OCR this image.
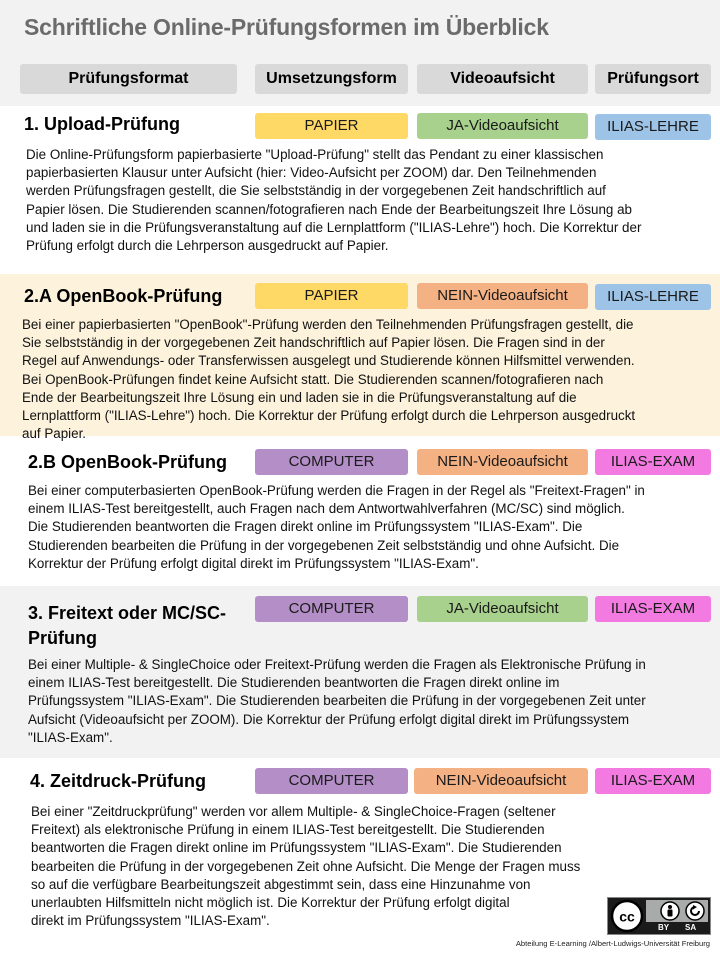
Schriftliche Online-Prüfungsformen im Überblick
Prüfungsformat	Umsetzungsform	Videoaufsicht	Prüfungsort
1. Upload-Prüfung	PAPIER	JA-Videoaufsicht	ILIAS-LEHRE
Die Online-Prüfungsform papierbasierte "Upload-Prüfung" stellt das Pendant zu einer klassischen
papierbasierten Klausur unter Aufsicht (hier: Video-Aufsicht per ZOOM) dar. Den Teilnehmenden
werden Prüfungsfragen gestellt, die Sie selbstständig in der vorgegebenen Zeit handschriftlich auf
Papier lösen. Die Studierenden scannen/fotografieren nach Ende der Bearbeitungszeit Ihre Lösung ab
und laden sie in die Prüfungsveranstaltung auf die Lernplattform ("ILIAS-Lehre") hoch. Die Korrektur der
Prüfung erfolgt durch die Lehrperson ausgedruckt auf Papier.
2.A OpenBook-Prüfung	PAPIER	NEIN-Videoaufsicht	ILIAS-LEHRE
Bei einer papierbasierten "OpenBook"-Prüfung werden den Teilnehmenden Prüfungsfragen gestellt, die
Sie selbstständig in der vorgegebenen Zeit handschriftlich auf Papier lösen. Die Fragen sind in der
Regel auf Anwendungs- oder Transferwissen ausgelegt und Studierende können Hilfsmittel verwenden.
Bei OpenBook-Prüfungen findet keine Aufsicht statt. Die Studierenden scannen/fotografieren nach
Ende der Bearbeitungszeit Ihre Lösung ein und laden sie in die Prüfungsveranstaltung auf die
Lernplattform ("ILIAS-Lehre") hoch. Die Korrektur der Prüfung erfolgt durch die Lehrperson ausgedruckt
auf Papier.
2.B OpenBook-Prüfung	COMPUTER	NEIN-Videoaufsicht	ILIAS-EXAM
Bei einer computerbasierten OpenBook-Prüfung werden die Fragen in der Regel als "Freitext-Fragen" in
einem ILIAS-Test bereitgestellt, auch Fragen nach dem Antwortwahlverfahren (MC/SC) sind möglich.
Die Studierenden beantworten die Fragen direkt online im Prüfungssystem "ILIAS-Exam". Die
Studierenden bearbeiten die Prüfung in der vorgegebenen Zeit selbstständig und ohne Aufsicht. Die
Korrektur der Prüfung erfolgt digital direkt im Prüfungssystem "ILIAS-Exam".
3. Freitext oder MC/SC-
Prüfung
COMPUTER	JA-Videoaufsicht	ILIAS-EXAM
Bei einer Multiple- & SingleChoice oder Freitext-Prüfung werden die Fragen als Elektronische Prüfung in
einem ILIAS-Test bereitgestellt. Die Studierenden beantworten die Fragen direkt online im
Prüfungssystem "ILIAS-Exam". Die Studierenden bearbeiten die Prüfung in der vorgegebenen Zeit unter
Aufsicht (Videoaufsicht per ZOOM). Die Korrektur der Prüfung erfolgt digital direkt im Prüfungssystem
"ILIAS-Exam".
4. Zeitdruck-Prüfung	COMPUTER	NEIN-Videoaufsicht	ILIAS-EXAM
Bei einer "Zeitdruckprüfung" werden vor allem Multiple- & SingleChoice-Fragen (seltener
Freitext) als elektronische Prüfung in einem ILIAS-Test bereitgestellt. Die Studierenden
beantworten die Fragen direkt online im Prüfungssystem "ILIAS-Exam". Die Studierenden
bearbeiten die Prüfung in der vorgegebenen Zeit ohne Aufsicht. Die Menge der Fragen muss
so auf die verfügbare Bearbeitungszeit abgestimmt sein, dass eine Hinzunahme von
unerlaubten Hilfsmitteln nicht möglich ist. Die Korrektur der Prüfung erfolgt digital
direkt im Prüfungssystem "ILIAS-Exam".	cc
BY SA
Abteilung E-Learning /Albert-Ludwigs-Universität Freiburg
